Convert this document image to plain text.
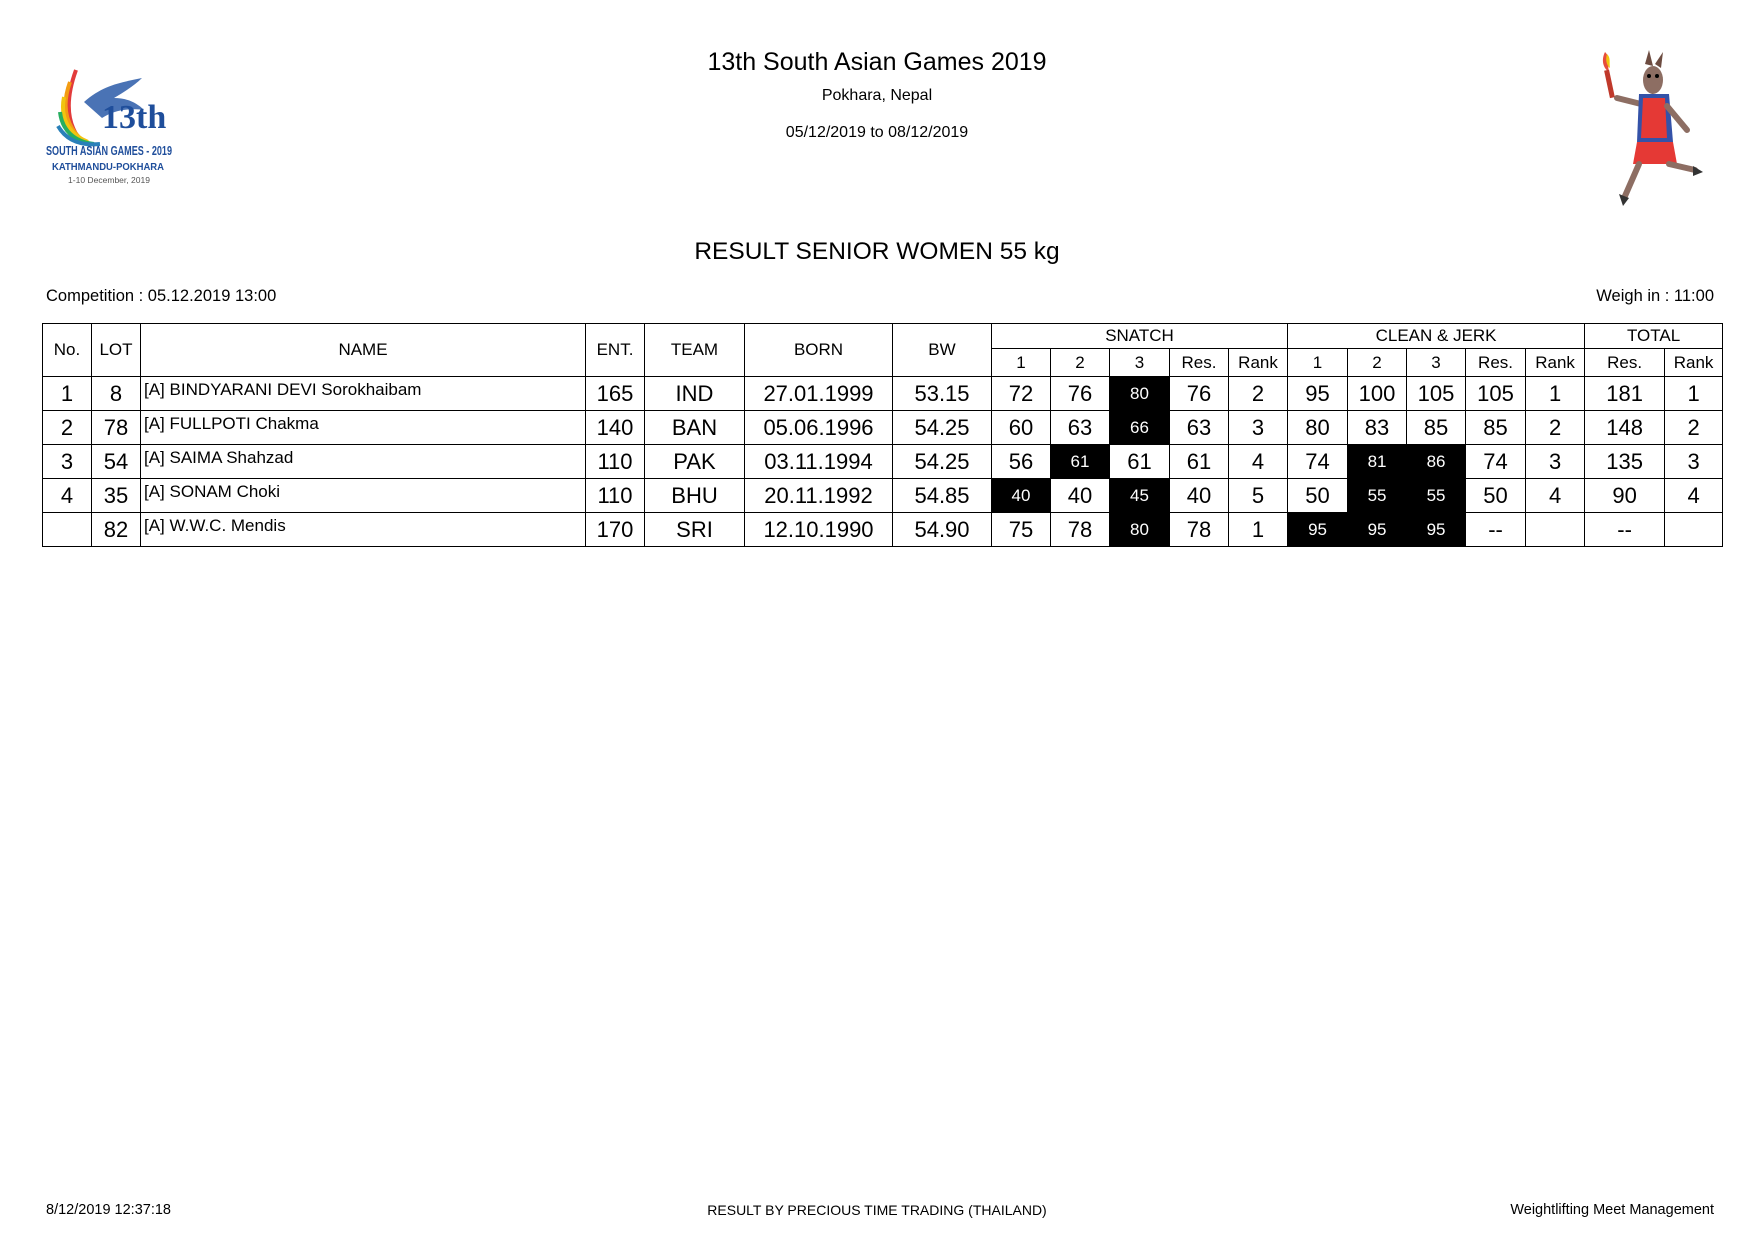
13th
SOUTH ASIAN GAMES - 2019
KATHMANDU-POKHARA
1-10 December, 2019
13th South Asian Games 2019
Pokhara, Nepal
05/12/2019 to 08/12/2019
RESULT SENIOR WOMEN 55 kg
Competition : 05.12.2019 13:00	Weigh in : 11:00
No.	LOT	NAME	ENT.	TEAM	BORN	BW	SNATCH					CLEAN & JERK					TOTAL	
							1	2	3	Res.	Rank	1	2	3	Res.	Rank	Res.	Rank
1	8	[A] BINDYARANI DEVI Sorokhaibam	165	IND	27.01.1999	53.15	72	76	80	76	2	95	100	105	105	1	181	1
2	78	[A] FULLPOTI Chakma	140	BAN	05.06.1996	54.25	60	63	66	63	3	80	83	85	85	2	148	2
3	54	[A] SAIMA Shahzad	110	PAK	03.11.1994	54.25	56	61	61	61	4	74	81	86	74	3	135	3
4	35	[A] SONAM Choki	110	BHU	20.11.1992	54.85	40	40	45	40	5	50	55	55	50	4	90	4
	82	[A] W.W.C. Mendis	170	SRI	12.10.1990	54.90	75	78	80	78	1	95	95	95	--		--	
8/12/2019 12:37:18	RESULT BY PRECIOUS TIME TRADING (THAILAND)	Weightlifting Meet Management
